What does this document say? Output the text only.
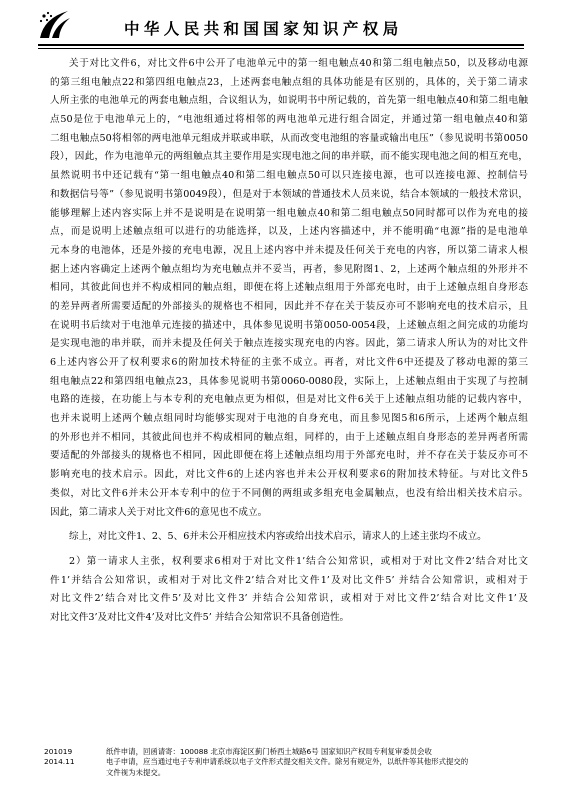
中华人民共和国国家知识产权局
关于对比文件6，对比文件6中公开了电池单元中的第一组电触点40和第二组电触点50，以及移动电源
的第三组电触点22和第四组电触点23，上述两套电触点组的具体功能是有区别的，具体的，关于第二请求
人所主张的电池单元的两套电触点组，合议组认为，如说明书中所记载的，首先第一组电触点40和第二组电触
点50是位于电池单元上的，“电池组通过将相邻的两电池单元进行组合固定，并通过第一组电触点40和第
二组电触点50将相邻的两电池单元组成并联或串联，从而改变电池组的容量或输出电压”（参见说明书第0050
段），因此，作为电池单元的两组触点其主要作用是实现电池之间的串并联，而不能实现电池之间的相互充电，
虽然说明书中还记载有“第一组电触点40和第二组电触点50可以只连接电源，也可以连接电源、控制信号
和数据信号等”（参见说明书第0049段），但是对于本领域的普通技术人员来说，结合本领域的一般技术常识，
能够理解上述内容实际上并不是说明是在说明第一组电触点40和第二组电触点50同时都可以作为充电的接
点，而是说明上述触点组可以进行的功能选择，以及，上述内容描述中，并不能明确“电源”指的是电池单
元本身的电池体，还是外接的充电电源，况且上述内容中并未提及任何关于充电的内容，所以第二请求人根
据上述内容确定上述两个触点组均为充电触点并不妥当，再者，参见附图1、2，上述两个触点组的外形并不
相同，其彼此间也并不构成相同的触点组，即便在将上述触点组用于外部充电时，由于上述触点组自身形态
的差异两者所需要适配的外部接头的规格也不相同，因此并不存在关于装反亦可不影响充电的技术启示，且
在说明书后续对于电池单元连接的描述中，具体参见说明书第0050-0054段，上述触点组之间完成的功能均
是实现电池的串并联，而并未提及任何关于触点连接实现充电的内容。因此，第二请求人所认为的对比文件
6上述内容公开了权利要求6的附加技术特征的主张不成立。再者，对比文件6中还提及了移动电源的第三
组电触点22和第四组电触点23，具体参见说明书第0060-0080段，实际上，上述触点组由于实现了与控制
电路的连接，在功能上与本专利的充电触点更为相似，但是对比文件6关于上述触点组功能的记载内容中，
也并未说明上述两个触点组同时均能够实现对于电池的自身充电，而且参见图5和6所示，上述两个触点组
的外形也并不相同，其彼此间也并不构成相同的触点组，同样的，由于上述触点组自身形态的差异两者所需
要适配的外部接头的规格也不相同，因此即便在将上述触点组均用于外部充电时，并不存在关于装反亦可不
影响充电的技术启示。因此，对比文件6的上述内容也并未公开权利要求6的附加技术特征。与对比文件5
类似，对比文件6并未公开本专利中的位于不同侧的两组或多组充电金属触点，也没有给出相关技术启示。
因此，第二请求人关于对比文件6的意见也不成立。
综上，对比文件1、2、5、6并未公开相应技术内容或给出技术启示，请求人的上述主张均不成立。
2）第一请求人主张，权利要求6相对于对比文件1’结合公知常识，或相对于对比文件2’结合对比文
件1’并结合公知常识，或相对于对比文件2’结合对比文件1’及对比文件5’ 并结合公知常识，或相对于
对比文件2’结合对比文件5’及对比文件3’ 并结合公知常识，或相对于对比文件2’结合对比文件1’及
对比文件3’及对比文件4’及对比文件5’ 并结合公知常识不具备创造性。
201019	纸件申请，回函请寄：100088 北京市海淀区蓟门桥西土城路6号 国家知识产权局专利复审委员会收
2014.11	电子申请，应当通过电子专利申请系统以电子文件形式提交相关文件。除另有规定外，以纸件等其他形式提交的
文件视为未提交。
